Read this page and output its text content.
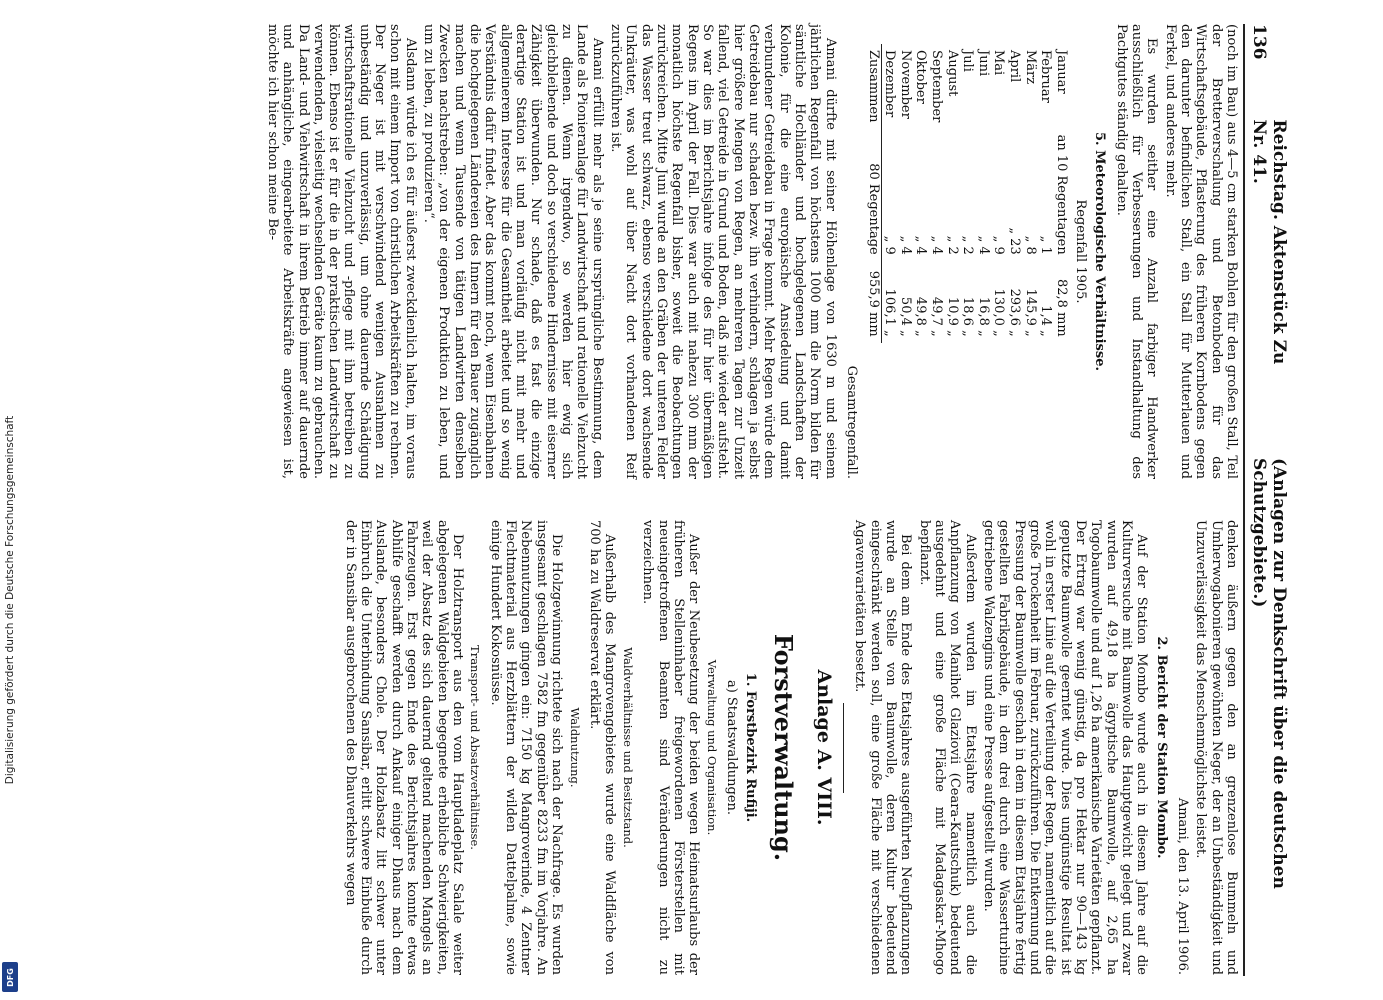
Digitalisierung gefördert durch die Deutsche Forschungsgemeinschaft
DFG
136
Reichstag. Aktenstück Zu Nr. 41.
(Anlagen zur Denkschrift über die deutschen Schutzgebiete.)

(noch im Bau) aus 4—5 cm starken Bohlen für den großen Stall, Teil der Bretterverschalung und Betonboden für das Wirtschaftsgebäude, Pflasterung des früheren Kornbodens gegen den darunter befindlichen Stall, ein Stall für Mutterlauen und Ferkel, und anderes mehr.

Es wurden seither eine Anzahl farbiger Handwerker ausschließlich für Verbesserungen und Instandhaltung des Pachtgutes ständig gehalten.

5. Meteorologische Verhältnisse.
Regenfall 1905.
Januar	an 10 Regentagen	82,8 mm
Februar	„ 1	1,4 „
März	„ 8	145,9 „
April	„ 23	293,6 „
Mai	„ 9	130,0 „
Juni	„ 4	16,8 „
Juli	„ 2	18,6 „
August	„ 2	10,9 „
September	„ 4	49,7 „
Oktober	„ 4	49,8 „
November	„ 4	50,4 „
Dezember	„ 9	106,1 „
Zusammen	80 Regentage	955,9 mm
Gesamtregenfall.

Amani dürfte mit seiner Höhenlage von 1630 m und seinem jährlichen Regenfall von höchstens 1000 mm die Norm bilden für sämtliche Hochländer und hochgelegenen Landschaften der Kolonie, für die eine europäische Ansiedelung und damit verbundener Getreidebau in Frage kommt. Mehr Regen würde dem Getreidebau nur schaden bezw. ihn verhindern, schlagen ja selbst hier größere Mengen von Regen, an mehreren Tagen zur Unzeit fallend, viel Getreide in Grund und Boden, daß nie wieder aufsteht. So war dies im Berichtsjahre infolge des für hier übermäßigen Regens im April der Fall. Dies war auch mit nahezu 300 mm der monatlich höchste Regenfall bisher, soweit die Beobachtungen zurückreichen. Mitte Juni wurde an den Gräben der unteren Felder das Wasser treut schwarz, ebenso verschiedene dort wachsende Unkräuter, was wohl auf über Nacht dort vorhandenen Reif zurückzuführen ist.

Amani erfüllt mehr als je seine ursprüngliche Bestimmung, dem Lande als Pionieranlage für Landwirtschaft und rationelle Viehzucht zu dienen. Wenn irgendwo, so werden hier ewig sich gleichbleibende und doch so verschiedene Hindernisse mit eiserner Zähigkeit überwunden. Nur schade, daß es fast die einzige derartige Station ist und man vorläufig nicht mit mehr und allgemeinerem Interesse für die Gesamtheit arbeitet und so wenig Verständnis dafür findet. Aber das kommt noch, wenn Eisenbahnen die hochgelegenen Ländereien des Innern für den Bauer zugänglich machen und wenn Tausende von tätigen Landwirten denselben Zwecken nachstreben: „von der eigenen Produktion zu leben, und um zu leben, zu produzieren“.

Alsdann würde ich es für äußerst zweckdienlich halten, im voraus schon mit einem Import von christlichen Arbeitskräften zu rechnen. Der Neger ist mit verschwindend wenigen Ausnahmen zu unbeständig und unzuverlässig, um ohne dauernde Schädigung wirtschaftsrationelle Viehzucht und -pflege mit ihm betreiben zu können. Ebenso ist er für die in der praktischen Landwirtschaft zu verwendenden, vielseitig wechselnden Geräte kaum zu gebrauchen. Da Land- und Viehwirtschaft in ihrem Betrieb immer auf dauernde und anhängliche, eingearbeitete Arbeitskräfte angewiesen ist, möchte ich hier schon meine Be-

denken äußern gegen den an grenzenlose Bummeln und Umherwogabonieren gewöhnten Neger, der an Unbeständigkeit und Unzuverlässigkeit das Menschenmöglichste leistet.

Amani, den 13. April 1906.
2. Bericht der Station Mombo.

Auf der Station Mombo wurde auch in diesem Jahre auf die Kulturversuche mit Baumwolle das Hauptgewicht gelegt und zwar wurden auf 49,18 ha ägyptische Baumwolle, auf 2,65 ha Togobaumwolle und auf 1,26 ha amerikanische Varietäten gepflanzt. Der Ertrag war wenig günstig, da pro Hektar nur 90—143 kg geputzte Baumwolle geerntet wurde. Dies ungünstige Resultat ist wohl in erster Linie auf die Verteilung der Regen, namentlich auf die große Trockenheit im Februar, zurückzuführen. Die Entkernung und Pressung der Baumwolle geschah in dem in diesem Etatsjahre fertig gestellten Fabrikgebäude, in dem drei durch eine Wasserturbine getriebene Walzengins und eine Presse aufgestellt wurden.

Außerdem wurden im Etatsjahre namentlich auch die Anpflanzung von Manihot Glaziovii (Ceara-Kautschuk) bedeutend ausgedehnt und eine große Fläche mit Madagaskar-Mhogo bepflanzt.

Bei dem am Ende des Etatsjahres ausgeführten Neupflanzungen wurde an Stelle von Baumwolle, deren Kultur bedeutend eingeschränkt werden soll, eine große Fläche mit verschiedenen Agavenvarietäten besetzt.

Anlage A. VIII.
Forstverwaltung.
1. Forstbezirk Rufiji.
a) Staatswaldungen.
Verwaltung und Organisation.

Außer der Neubesetzung der beiden wegen Heimatsurlaubs der früheren Stelleninhaber freigewordenen Försterstellen mit neueingetroffenen Beamten sind Veränderungen nicht zu verzeichnen.

Waldverhältnisse und Besitzstand.

Außerhalb des Mangrovengebietes wurde eine Waldfläche von 700 ha zu Waldreservat erklärt.

Waldnutzung.

Die Holzgewinnung richtete sich nach der Nachfrage. Es wurden insgesamt geschlagen 7582 fm gegenüber 8233 fm im Vorjahre. An Nebennutzungen gingen ein: 7150 kg Mangroverinde, 4 Zentner Flechtmaterial aus Herzblättern der wilden Dattelpalme, sowie einige Hundert Kokosnüsse.

Transport- und Absatzverhältnisse.

Der Holztransport aus den vom Hauptladeplatz Salale weiter abgelegenen Waldgebieten begegnete erhebliche Schwierigkeiten, weil der Absatz des sich dauernd geltend machenden Mangels an Fahrzeugen. Erst gegen Ende des Berichtsjahres konnte etwas Abhilfe geschafft werden durch Ankauf einiger Dhaus nach dem Auslande, besonders Chole. Der Holzabsatz litt schwer unter Einbruch die Unterbindung Sansibar, erlitt schwere Einbuße durch der in Sansibar ausgebrochenen des Dhauverkehrs wegen
